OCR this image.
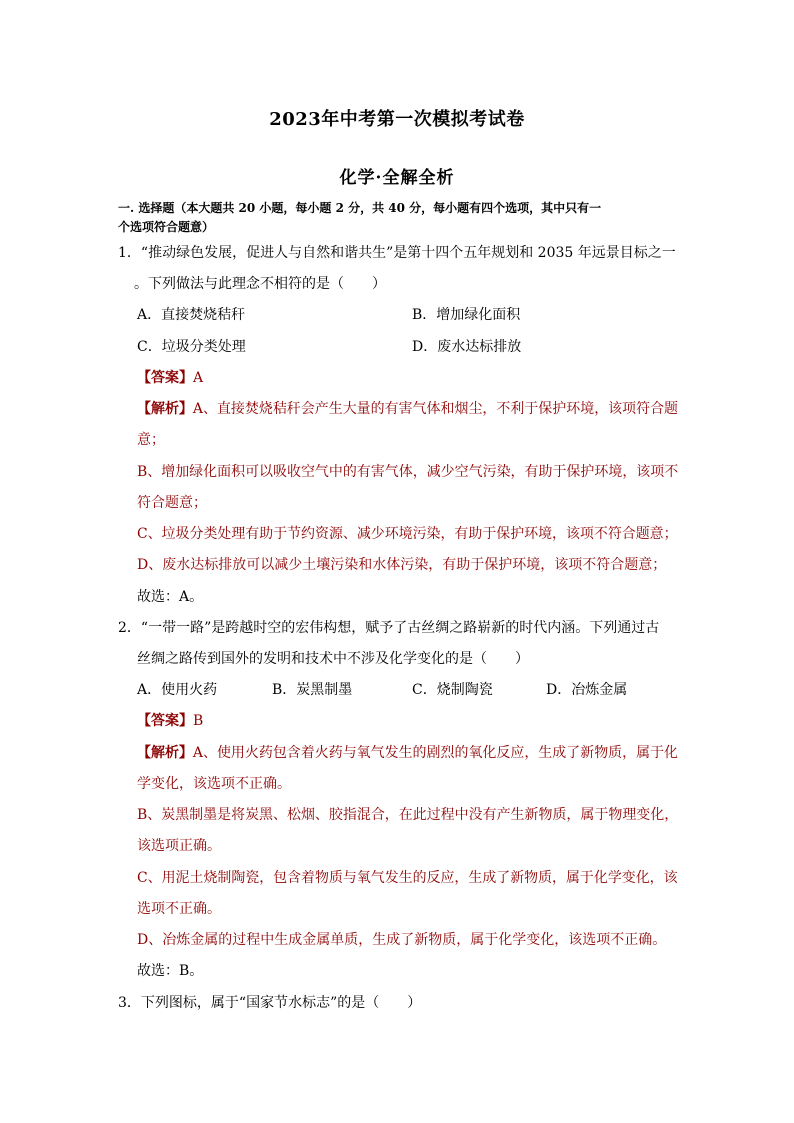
2023年中考第一次模拟考试卷
化学·全解全析
一. 选择题（本大题共 20 小题，每小题 2 分，共 40 分，每小题有四个选项，其中只有一
个选项符合题意）
1．“推动绿色发展，促进人与自然和谐共生”是第十四个五年规划和 2035 年远景目标之一
。下列做法与此理念不相符的是（　　）
A．直接焚烧秸秆	B．增加绿化面积
C．垃圾分类处理	D．废水达标排放
【答案】A
【解析】A、直接焚烧秸秆会产生大量的有害气体和烟尘，不利于保护环境，该项符合题
意；
B、增加绿化面积可以吸收空气中的有害气体，减少空气污染，有助于保护环境，该项不
符合题意；
C、垃圾分类处理有助于节约资源、减少环境污染，有助于保护环境，该项不符合题意；
D、废水达标排放可以减少土壤污染和水体污染，有助于保护环境，该项不符合题意；
故选：A。
2．“一带一路”是跨越时空的宏伟构想，赋予了古丝绸之路崭新的时代内涵。下列通过古
丝绸之路传到国外的发明和技术中不涉及化学变化的是（　　）
A．使用火药	B．炭黑制墨	C．烧制陶瓷	D．冶炼金属
【答案】B
【解析】A、使用火药包含着火药与氧气发生的剧烈的氧化反应，生成了新物质，属于化
学变化，该选项不正确。
B、炭黑制墨是将炭黑、松烟、胶指混合，在此过程中没有产生新物质，属于物理变化，
该选项正确。
C、用泥土烧制陶瓷，包含着物质与氧气发生的反应，生成了新物质，属于化学变化，该
选项不正确。
D、冶炼金属的过程中生成金属单质，生成了新物质，属于化学变化，该选项不正确。
故选：B。
3．下列图标，属于“国家节水标志”的是（　　）
